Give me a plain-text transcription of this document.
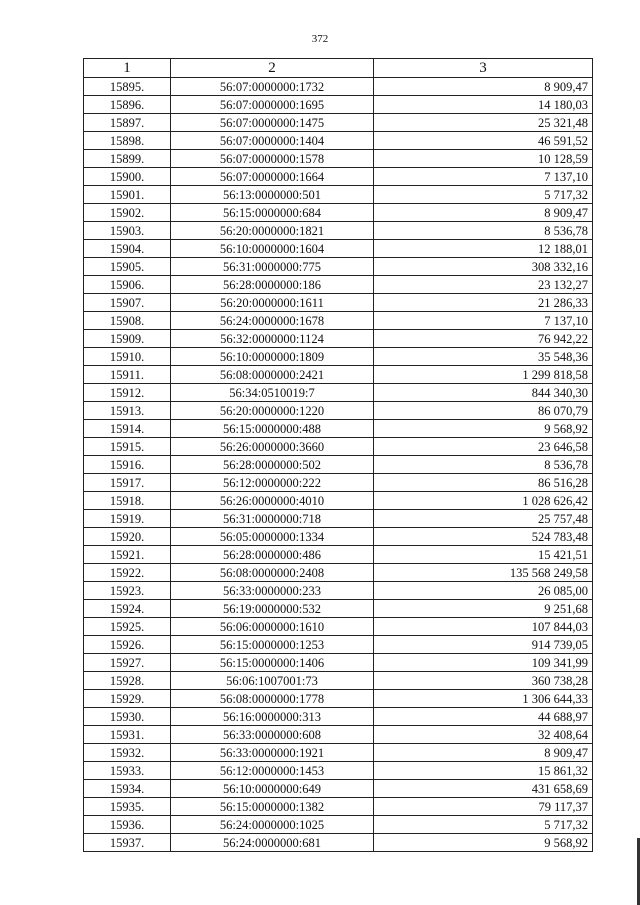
372
1	2	3
15895.	56:07:0000000:1732	8 909,47
15896.	56:07:0000000:1695	14 180,03
15897.	56:07:0000000:1475	25 321,48
15898.	56:07:0000000:1404	46 591,52
15899.	56:07:0000000:1578	10 128,59
15900.	56:07:0000000:1664	7 137,10
15901.	56:13:0000000:501	5 717,32
15902.	56:15:0000000:684	8 909,47
15903.	56:20:0000000:1821	8 536,78
15904.	56:10:0000000:1604	12 188,01
15905.	56:31:0000000:775	308 332,16
15906.	56:28:0000000:186	23 132,27
15907.	56:20:0000000:1611	21 286,33
15908.	56:24:0000000:1678	7 137,10
15909.	56:32:0000000:1124	76 942,22
15910.	56:10:0000000:1809	35 548,36
15911.	56:08:0000000:2421	1 299 818,58
15912.	56:34:0510019:7	844 340,30
15913.	56:20:0000000:1220	86 070,79
15914.	56:15:0000000:488	9 568,92
15915.	56:26:0000000:3660	23 646,58
15916.	56:28:0000000:502	8 536,78
15917.	56:12:0000000:222	86 516,28
15918.	56:26:0000000:4010	1 028 626,42
15919.	56:31:0000000:718	25 757,48
15920.	56:05:0000000:1334	524 783,48
15921.	56:28:0000000:486	15 421,51
15922.	56:08:0000000:2408	135 568 249,58
15923.	56:33:0000000:233	26 085,00
15924.	56:19:0000000:532	9 251,68
15925.	56:06:0000000:1610	107 844,03
15926.	56:15:0000000:1253	914 739,05
15927.	56:15:0000000:1406	109 341,99
15928.	56:06:1007001:73	360 738,28
15929.	56:08:0000000:1778	1 306 644,33
15930.	56:16:0000000:313	44 688,97
15931.	56:33:0000000:608	32 408,64
15932.	56:33:0000000:1921	8 909,47
15933.	56:12:0000000:1453	15 861,32
15934.	56:10:0000000:649	431 658,69
15935.	56:15:0000000:1382	79 117,37
15936.	56:24:0000000:1025	5 717,32
15937.	56:24:0000000:681	9 568,92
